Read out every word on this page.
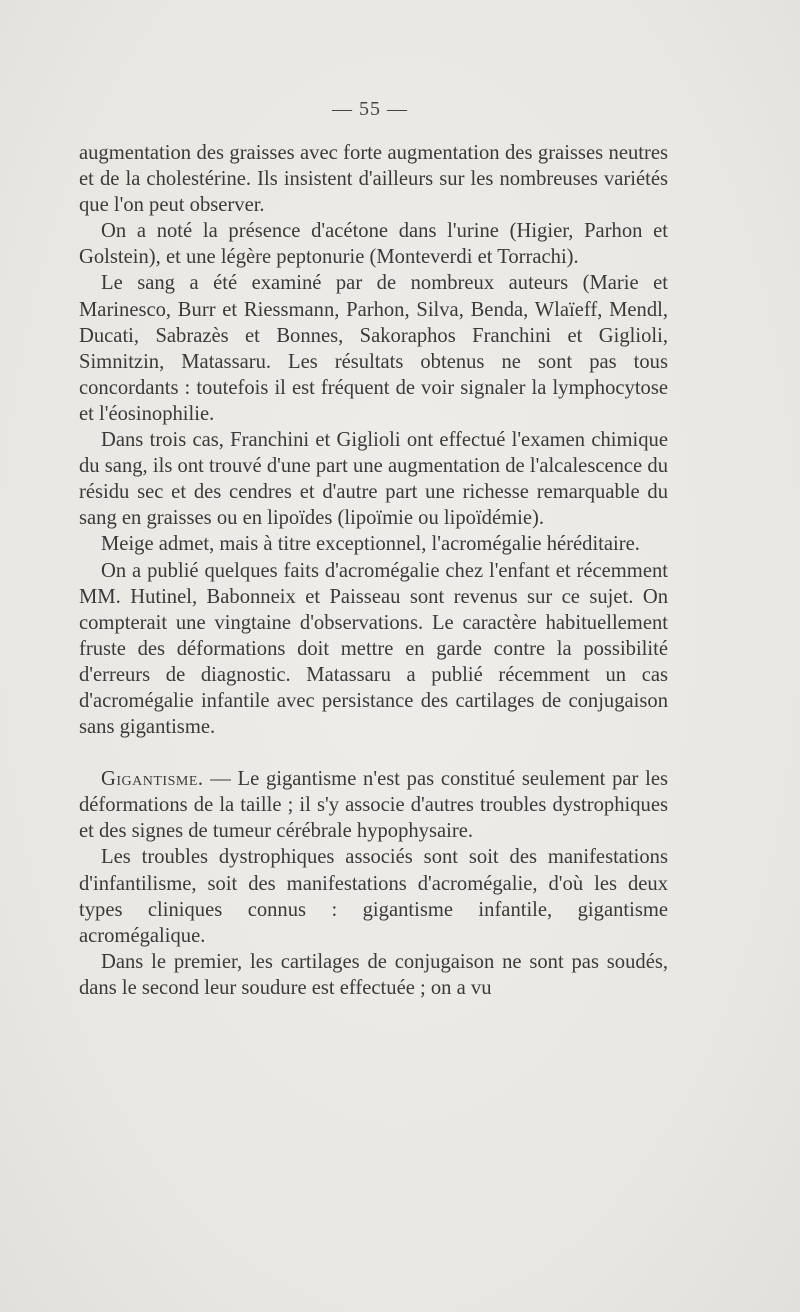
— 55 —

augmentation des graisses avec forte augmentation des graisses neutres et de la cholestérine. Ils insistent d'ailleurs sur les nombreuses variétés que l'on peut observer.

On a noté la présence d'acétone dans l'urine (Higier, Parhon et Golstein), et une légère peptonurie (Monteverdi et Torrachi).

Le sang a été examiné par de nombreux auteurs (Marie et Marinesco, Burr et Riessmann, Parhon, Silva, Benda, Wlaïeff, Mendl, Ducati, Sabrazès et Bonnes, Sakoraphos Franchini et Giglioli, Simnitzin, Matassaru. Les résultats obtenus ne sont pas tous concordants : toutefois il est fréquent de voir signaler la lymphocytose et l'éosinophilie.

Dans trois cas, Franchini et Giglioli ont effectué l'examen chimique du sang, ils ont trouvé d'une part une augmentation de l'alcalescence du résidu sec et des cendres et d'autre part une richesse remarquable du sang en graisses ou en lipoïdes (lipoïmie ou lipoïdémie).

Meige admet, mais à titre exceptionnel, l'acromégalie héréditaire.

On a publié quelques faits d'acromégalie chez l'enfant et récemment MM. Hutinel, Babonneix et Paisseau sont revenus sur ce sujet. On compterait une vingtaine d'observations. Le caractère habituellement fruste des déformations doit mettre en garde contre la possibilité d'erreurs de diagnostic. Matassaru a publié récemment un cas d'acromégalie infantile avec persistance des cartilages de conjugaison sans gigantisme.

Gigantisme. — Le gigantisme n'est pas constitué seulement par les déformations de la taille ; il s'y associe d'autres troubles dystrophiques et des signes de tumeur cérébrale hypophysaire.

Les troubles dystrophiques associés sont soit des manifestations d'infantilisme, soit des manifestations d'acromégalie, d'où les deux types cliniques connus : gigantisme infantile, gigantisme acromégalique.

Dans le premier, les cartilages de conjugaison ne sont pas soudés, dans le second leur soudure est effectuée ; on a vu
